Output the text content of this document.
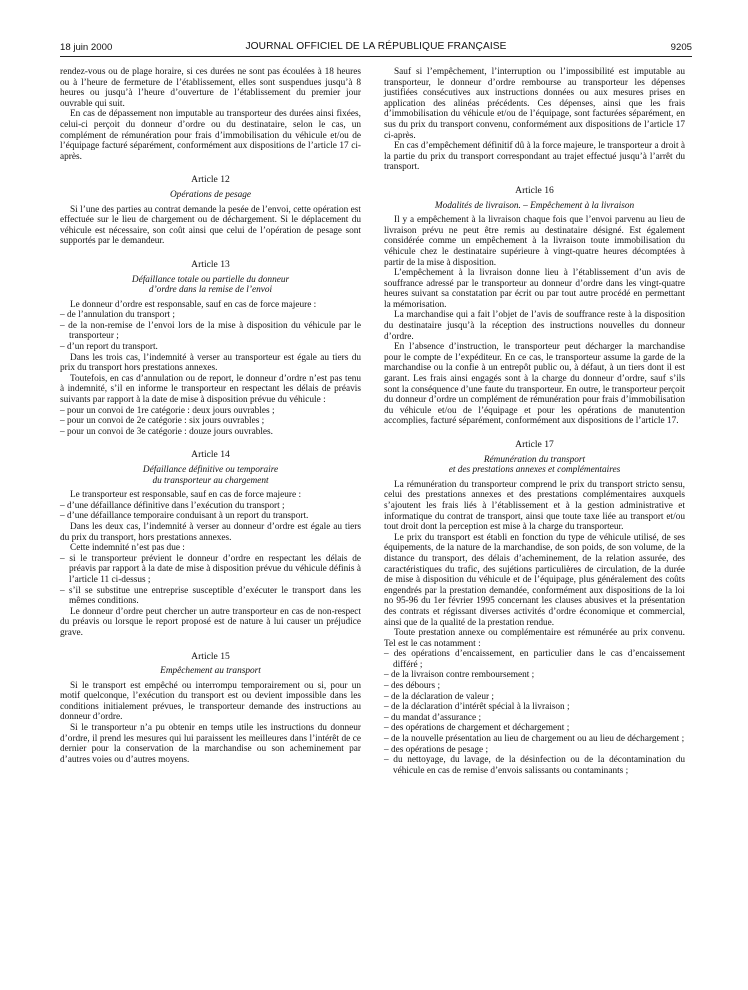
18 juin 2000	JOURNAL OFFICIEL DE LA RÉPUBLIQUE FRANÇAISE	9205

rendez-vous ou de plage horaire, si ces durées ne sont pas écoulées à 18 heures ou à l’heure de fermeture de l’établissement, elles sont suspendues jusqu’à 8 heures ou jusqu’à l’heure d’ouverture de l’établissement du premier jour ouvrable qui suit.

En cas de dépassement non imputable au transporteur des durées ainsi fixées, celui-ci perçoit du donneur d’ordre ou du destinataire, selon le cas, un complément de rémunération pour frais d’immobilisation du véhicule et/ou de l’équipage facturé séparément, conformément aux dispositions de l’article 17 ci-après.

Article 12
Opérations de pesage

Si l’une des parties au contrat demande la pesée de l’envoi, cette opération est effectuée sur le lieu de chargement ou de déchargement. Si le déplacement du véhicule est nécessaire, son coût ainsi que celui de l’opération de pesage sont supportés par le demandeur.

Article 13
Défaillance totale ou partielle du donneur
d’ordre dans la remise de l’envoi

Le donneur d’ordre est responsable, sauf en cas de force majeure :

– de l’annulation du transport ;
– de la non-remise de l’envoi lors de la mise à disposition du véhicule par le transporteur ;
– d’un report du transport.

Dans les trois cas, l’indemnité à verser au transporteur est égale au tiers du prix du transport hors prestations annexes.

Toutefois, en cas d’annulation ou de report, le donneur d’ordre n’est pas tenu à indemnité, s’il en informe le transporteur en respectant les délais de préavis suivants par rapport à la date de mise à disposition prévue du véhicule :

– pour un convoi de 1re catégorie : deux jours ouvrables ;
– pour un convoi de 2e catégorie : six jours ouvrables ;
– pour un convoi de 3e catégorie : douze jours ouvrables.
Article 14
Défaillance définitive ou temporaire
du transporteur au chargement

Le transporteur est responsable, sauf en cas de force majeure :

– d’une défaillance définitive dans l’exécution du transport ;
– d’une défaillance temporaire conduisant à un report du transport.

Dans les deux cas, l’indemnité à verser au donneur d’ordre est égale au tiers du prix du transport, hors prestations annexes.

Cette indemnité n’est pas due :

– si le transporteur prévient le donneur d’ordre en respectant les délais de préavis par rapport à la date de mise à disposition prévue du véhicule définis à l’article 11 ci-dessus ;
– s’il se substitue une entreprise susceptible d’exécuter le transport dans les mêmes conditions.

Le donneur d’ordre peut chercher un autre transporteur en cas de non-respect du préavis ou lorsque le report proposé est de nature à lui causer un préjudice grave.

Article 15
Empêchement au transport

Si le transport est empêché ou interrompu temporairement ou si, pour un motif quelconque, l’exécution du transport est ou devient impossible dans les conditions initialement prévues, le transporteur demande des instructions au donneur d’ordre.

Si le transporteur n’a pu obtenir en temps utile les instructions du donneur d’ordre, il prend les mesures qui lui paraissent les meilleures dans l’intérêt de ce dernier pour la conservation de la marchandise ou son acheminement par d’autres voies ou d’autres moyens.

Sauf si l’empêchement, l’interruption ou l’impossibilité est imputable au transporteur, le donneur d’ordre rembourse au transporteur les dépenses justifiées consécutives aux instructions données ou aux mesures prises en application des alinéas précédents. Ces dépenses, ainsi que les frais d’immobilisation du véhicule et/ou de l’équipage, sont facturées séparément, en sus du prix du transport convenu, conformément aux dispositions de l’article 17 ci-après.

En cas d’empêchement définitif dû à la force majeure, le transporteur a droit à la partie du prix du transport correspondant au trajet effectué jusqu’à l’arrêt du transport.

Article 16
Modalités de livraison. – Empêchement à la livraison

Il y a empêchement à la livraison chaque fois que l’envoi parvenu au lieu de livraison prévu ne peut être remis au destinataire désigné. Est également considérée comme un empêchement à la livraison toute immobilisation du véhicule chez le destinataire supérieure à vingt-quatre heures décomptées à partir de la mise à disposition.

L’empêchement à la livraison donne lieu à l’établissement d’un avis de souffrance adressé par le transporteur au donneur d’ordre dans les vingt-quatre heures suivant sa constatation par écrit ou par tout autre procédé en permettant la mémorisation.

La marchandise qui a fait l’objet de l’avis de souffrance reste à la disposition du destinataire jusqu’à la réception des instructions nouvelles du donneur d’ordre.

En l’absence d’instruction, le transporteur peut décharger la marchandise pour le compte de l’expéditeur. En ce cas, le transporteur assume la garde de la marchandise ou la confie à un entrepôt public ou, à défaut, à un tiers dont il est garant. Les frais ainsi engagés sont à la charge du donneur d’ordre, sauf s’ils sont la conséquence d’une faute du transporteur. En outre, le transporteur perçoit du donneur d’ordre un complément de rémunération pour frais d’immobilisation du véhicule et/ou de l’équipage et pour les opérations de manutention accomplies, facturé séparément, conformément aux dispositions de l’article 17.

Article 17
Rémunération du transport
et des prestations annexes et complémentaires

La rémunération du transporteur comprend le prix du transport stricto sensu, celui des prestations annexes et des prestations complémentaires auxquels s’ajoutent les frais liés à l’établissement et à la gestion administrative et informatique du contrat de transport, ainsi que toute taxe liée au transport et/ou tout droit dont la perception est mise à la charge du transporteur.

Le prix du transport est établi en fonction du type de véhicule utilisé, de ses équipements, de la nature de la marchandise, de son poids, de son volume, de la distance du transport, des délais d’acheminement, de la relation assurée, des caractéristiques du trafic, des sujétions particulières de circulation, de la durée de mise à disposition du véhicule et de l’équipage, plus généralement des coûts engendrés par la prestation demandée, conformément aux dispositions de la loi no 95-96 du 1er février 1995 concernant les clauses abusives et la présentation des contrats et régissant diverses activités d’ordre économique et commercial, ainsi que de la qualité de la prestation rendue.

Toute prestation annexe ou complémentaire est rémunérée au prix convenu. Tel est le cas notamment :

– des opérations d’encaissement, en particulier dans le cas d’encaissement différé ;
– de la livraison contre remboursement ;
– des débours ;
– de la déclaration de valeur ;
– de la déclaration d’intérêt spécial à la livraison ;
– du mandat d’assurance ;
– des opérations de chargement et déchargement ;
– de la nouvelle présentation au lieu de chargement ou au lieu de déchargement ;
– des opérations de pesage ;
– du nettoyage, du lavage, de la désinfection ou de la décontamination du véhicule en cas de remise d’envois salissants ou contaminants ;
